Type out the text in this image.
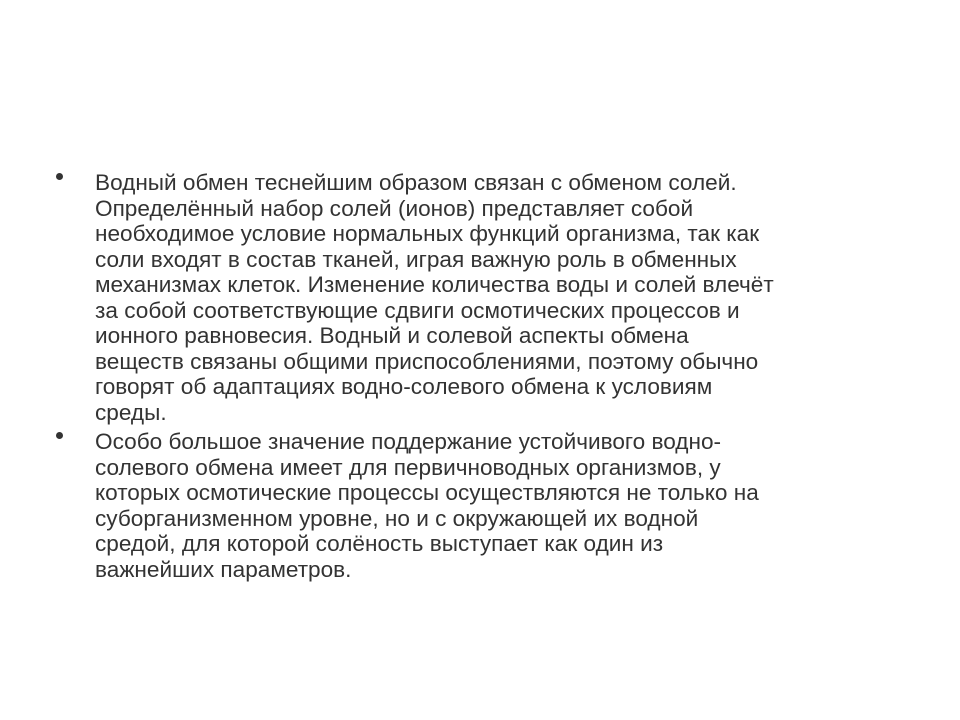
Водный обмен теснейшим образом связан с обменом солей.
Определённый набор солей (ионов) представляет собой
необходимое условие нормальных функций организма, так как
соли входят в состав тканей, играя важную роль в обменных
механизмах клеток. Изменение количества воды и солей влечёт
за собой соответствующие сдвиги осмотических процессов и
ионного равновесия. Водный и солевой аспекты обмена
веществ связаны общими приспособлениями, поэтому обычно
говорят об адаптациях водно-солевого обмена к условиям
среды.
Особо большое значение поддержание устойчивого водно-
солевого обмена имеет для первичноводных организмов, у
которых осмотические процессы осуществляются не только на
суборганизменном уровне, но и с окружающей их водной
средой, для которой солёность выступает как один из
важнейших параметров.
